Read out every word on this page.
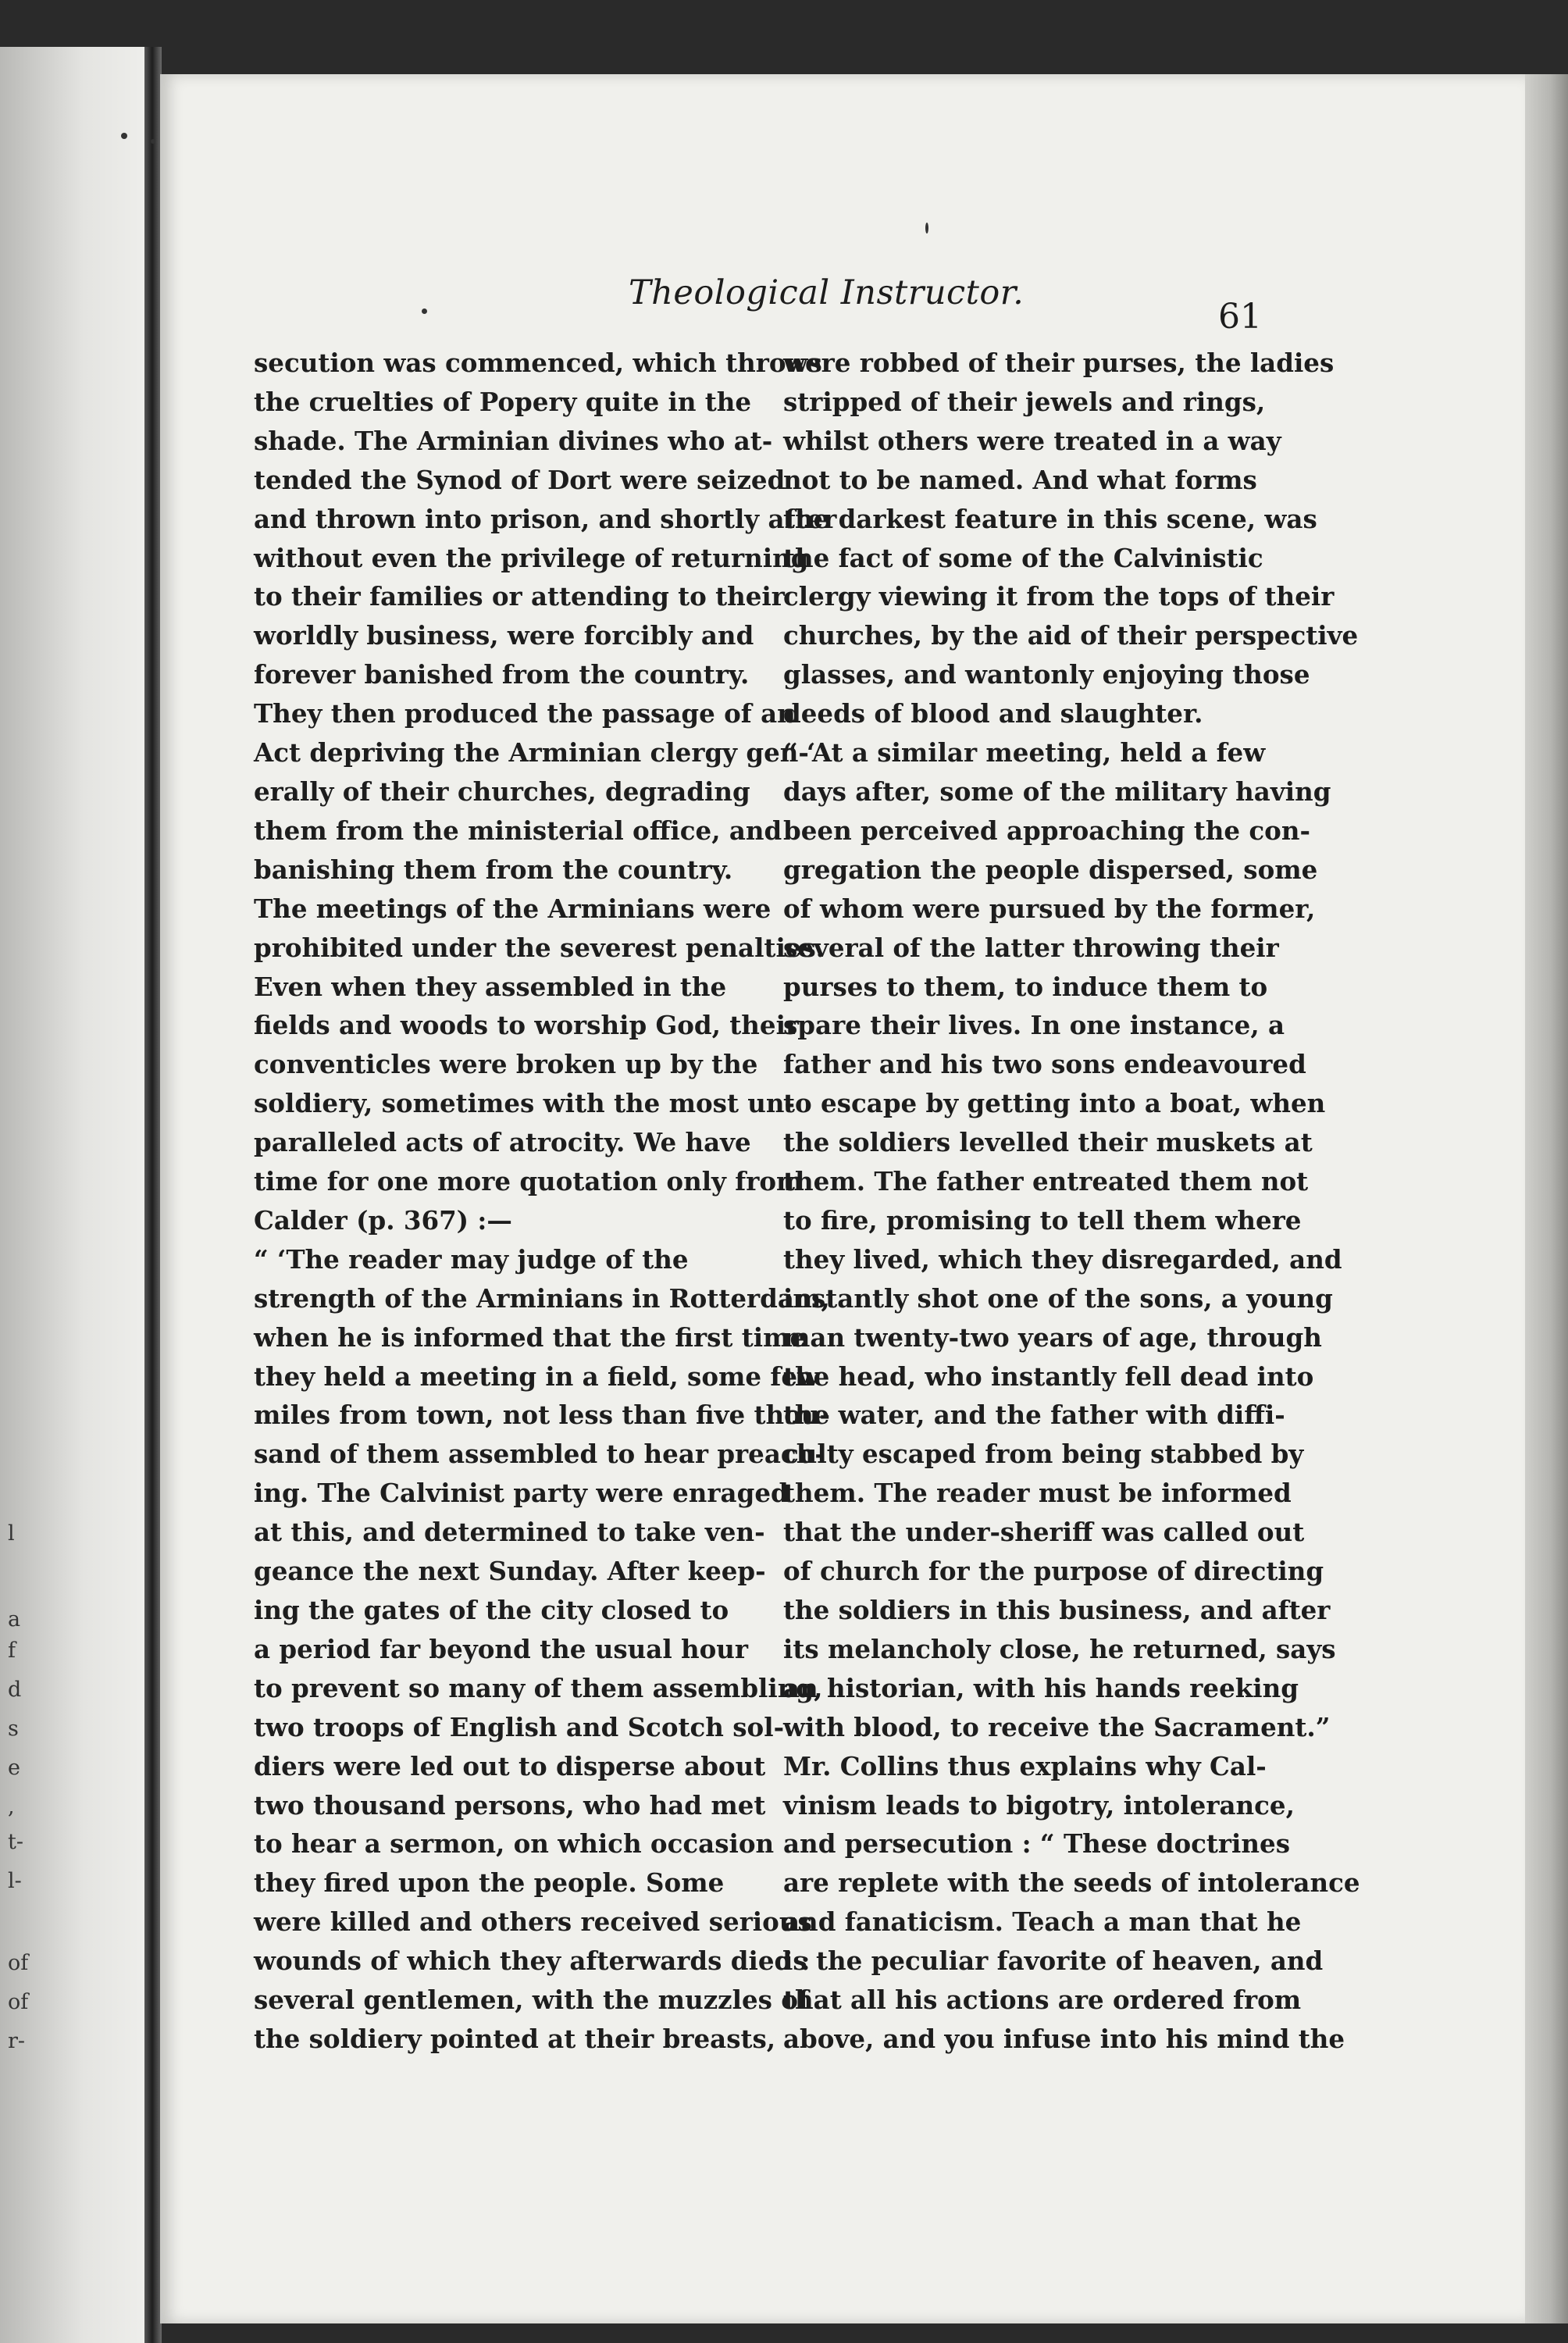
l
a
f
d
s
e
,
t-
l-
of
of
r-
Theological Instructor.
61

secution was commenced, which throws

the cruelties of Popery quite in the

shade. The Arminian divines who at-

tended the Synod of Dort were seized

and thrown into prison, and shortly after

without even the privilege of returning

to their families or attending to their

worldly business, were forcibly and

forever banished from the country.

They then produced the passage of an

Act depriving the Arminian clergy gen-

erally of their churches, degrading

them from the ministerial office, and

banishing them from the country.

The meetings of the Arminians were

prohibited under the severest penalties.

Even when they assembled in the

fields and woods to worship God, their

conventicles were broken up by the

soldiery, sometimes with the most un-

paralleled acts of atrocity. We have

time for one more quotation only from

Calder (p. 367) :—

“ ‘The reader may judge of the

strength of the Arminians in Rotterdam,

when he is informed that the first time

they held a meeting in a field, some few

miles from town, not less than five thou-

sand of them assembled to hear preach-

ing. The Calvinist party were enraged

at this, and determined to take ven-

geance the next Sunday. After keep-

ing the gates of the city closed to

a period far beyond the usual hour

to prevent so many of them assembling,

two troops of English and Scotch sol-

diers were led out to disperse about

two thousand persons, who had met

to hear a sermon, on which occasion

they fired upon the people. Some

were killed and others received serious

wounds of which they afterwards died :

several gentlemen, with the muzzles of

the soldiery pointed at their breasts,

were robbed of their purses, the ladies

stripped of their jewels and rings,

whilst others were treated in a way

not to be named. And what forms

the darkest feature in this scene, was

the fact of some of the Calvinistic

clergy viewing it from the tops of their

churches, by the aid of their perspective

glasses, and wantonly enjoying those

deeds of blood and slaughter.

“ ‘At a similar meeting, held a few

days after, some of the military having

been perceived approaching the con-

gregation the people dispersed, some

of whom were pursued by the former,

several of the latter throwing their

purses to them, to induce them to

spare their lives. In one instance, a

father and his two sons endeavoured

to escape by getting into a boat, when

the soldiers levelled their muskets at

them. The father entreated them not

to fire, promising to tell them where

they lived, which they disregarded, and

instantly shot one of the sons, a young

man twenty-two years of age, through

the head, who instantly fell dead into

the water, and the father with diffi-

culty escaped from being stabbed by

them. The reader must be informed

that the under-sheriff was called out

of church for the purpose of directing

the soldiers in this business, and after

its melancholy close, he returned, says

an historian, with his hands reeking

with blood, to receive the Sacrament.”

Mr. Collins thus explains why Cal-

vinism leads to bigotry, intolerance,

and persecution : “ These doctrines

are replete with the seeds of intolerance

and fanaticism. Teach a man that he

is the peculiar favorite of heaven, and

that all his actions are ordered from

above, and you infuse into his mind the
